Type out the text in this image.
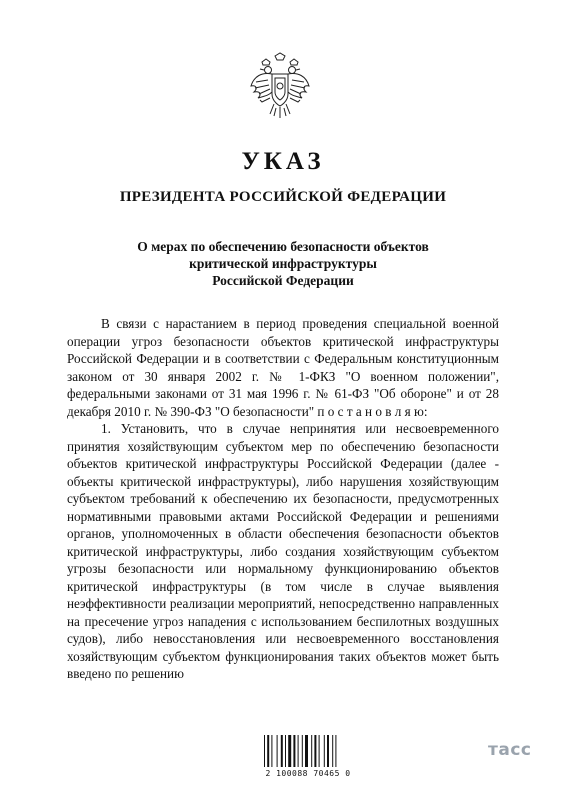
УКАЗ
ПРЕЗИДЕНТА РОССИЙСКОЙ ФЕДЕРАЦИИ
О мерах по обеспечению безопасности объектов
критической инфраструктуры
Российской Федерации

В связи с нарастанием в период проведения специальной военной операции угроз безопасности объектов критической инфраструктуры Российской Федерации и в соответствии с Федеральным конституционным законом от 30 января 2002 г. № 1-ФКЗ "О военном положении", федеральными законами от 31 мая 1996 г. № 61-ФЗ "Об обороне" и от 28 декабря 2010 г. № 390-ФЗ "О безопасности" п о с т а н о в л я ю:

1. Установить, что в случае непринятия или несвоевременного принятия хозяйствующим субъектом мер по обеспечению безопасности объектов критической инфраструктуры Российской Федерации (далее - объекты критической инфраструктуры), либо нарушения хозяйствующим субъектом требований к обеспечению их безопасности, предусмотренных нормативными правовыми актами Российской Федерации и решениями органов, уполномоченных в области обеспечения безопасности объектов критической инфраструктуры, либо создания хозяйствующим субъектом угрозы безопасности или нормальному функционированию объектов критической инфраструктуры (в том числе в случае выявления неэффективности реализации мероприятий, непосредственно направленных на пресечение угроз нападения с использованием беспилотных воздушных судов), либо невосстановления или несвоевременного восстановления хозяйствующим субъектом функционирования таких объектов может быть введено по решению

2 100088 70465 0
тасс
